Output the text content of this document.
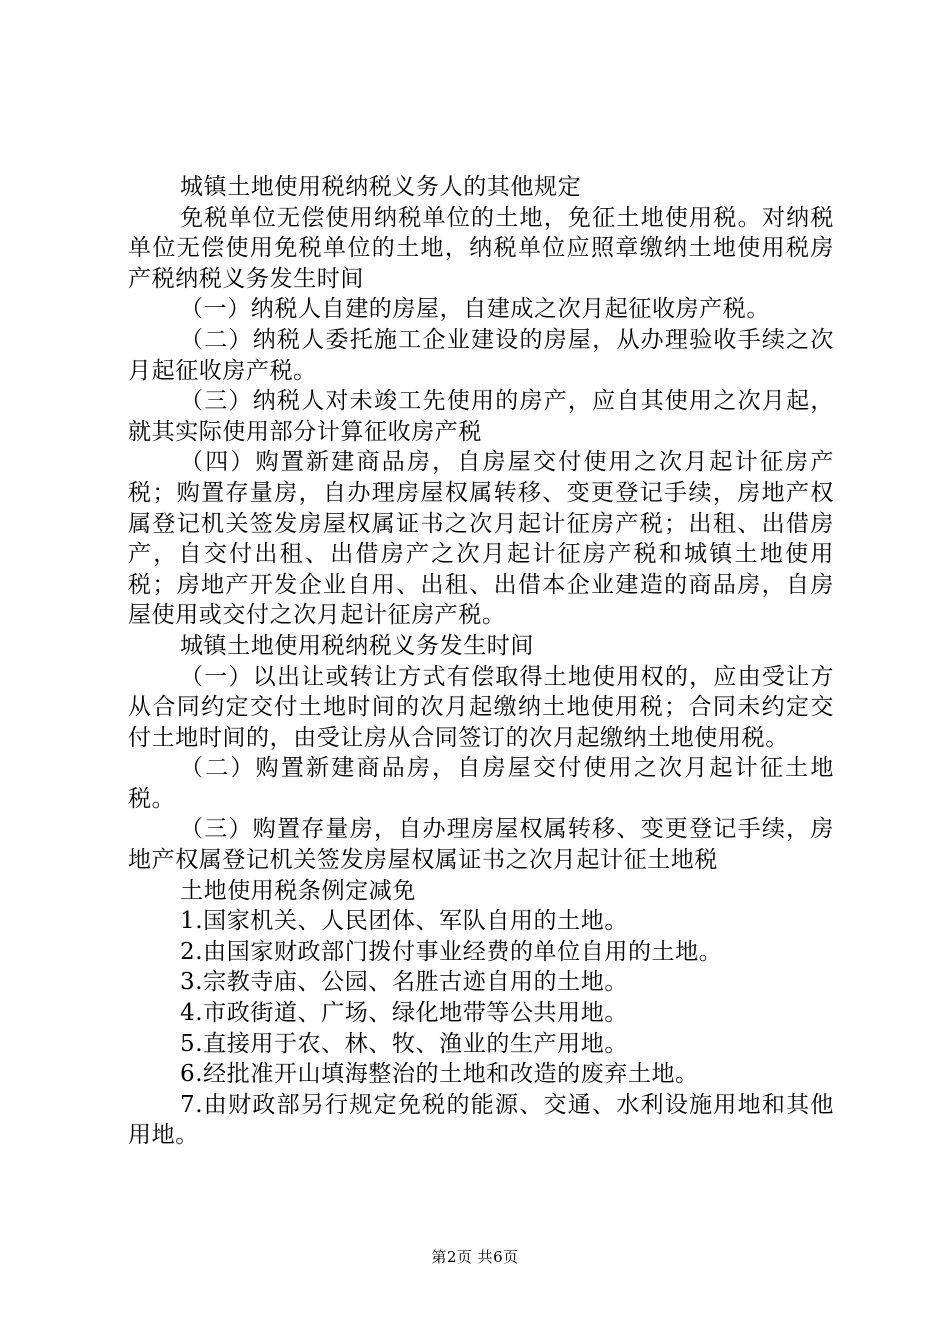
城镇土地使用税纳税义务人的其他规定

免税单位无偿使用纳税单位的土地，免征土地使用税。对纳税单位无偿使用免税单位的土地，纳税单位应照章缴纳土地使用税房产税纳税义务发生时间

（一）纳税人自建的房屋，自建成之次月起征收房产税。

（二）纳税人委托施工企业建设的房屋，从办理验收手续之次月起征收房产税。

（三）纳税人对未竣工先使用的房产，应自其使用之次月起，就其实际使用部分计算征收房产税

（四）购置新建商品房，自房屋交付使用之次月起计征房产税；购置存量房，自办理房屋权属转移、变更登记手续，房地产权属登记机关签发房屋权属证书之次月起计征房产税；出租、出借房产，自交付出租、出借房产之次月起计征房产税和城镇土地使用税；房地产开发企业自用、出租、出借本企业建造的商品房，自房屋使用或交付之次月起计征房产税。

城镇土地使用税纳税义务发生时间

（一）以出让或转让方式有偿取得土地使用权的，应由受让方从合同约定交付土地时间的次月起缴纳土地使用税；合同未约定交付土地时间的，由受让房从合同签订的次月起缴纳土地使用税。

（二）购置新建商品房，自房屋交付使用之次月起计征土地税。

（三）购置存量房，自办理房屋权属转移、变更登记手续，房地产权属登记机关签发房屋权属证书之次月起计征土地税

土地使用税条例定减免

1.国家机关、人民团体、军队自用的土地。

2.由国家财政部门拨付事业经费的单位自用的土地。

3.宗教寺庙、公园、名胜古迹自用的土地。

4.市政街道、广场、绿化地带等公共用地。

5.直接用于农、林、牧、渔业的生产用地。

6.经批准开山填海整治的土地和改造的废弃土地。

7.由财政部另行规定免税的能源、交通、水利设施用地和其他用地。

第2页 共6页
